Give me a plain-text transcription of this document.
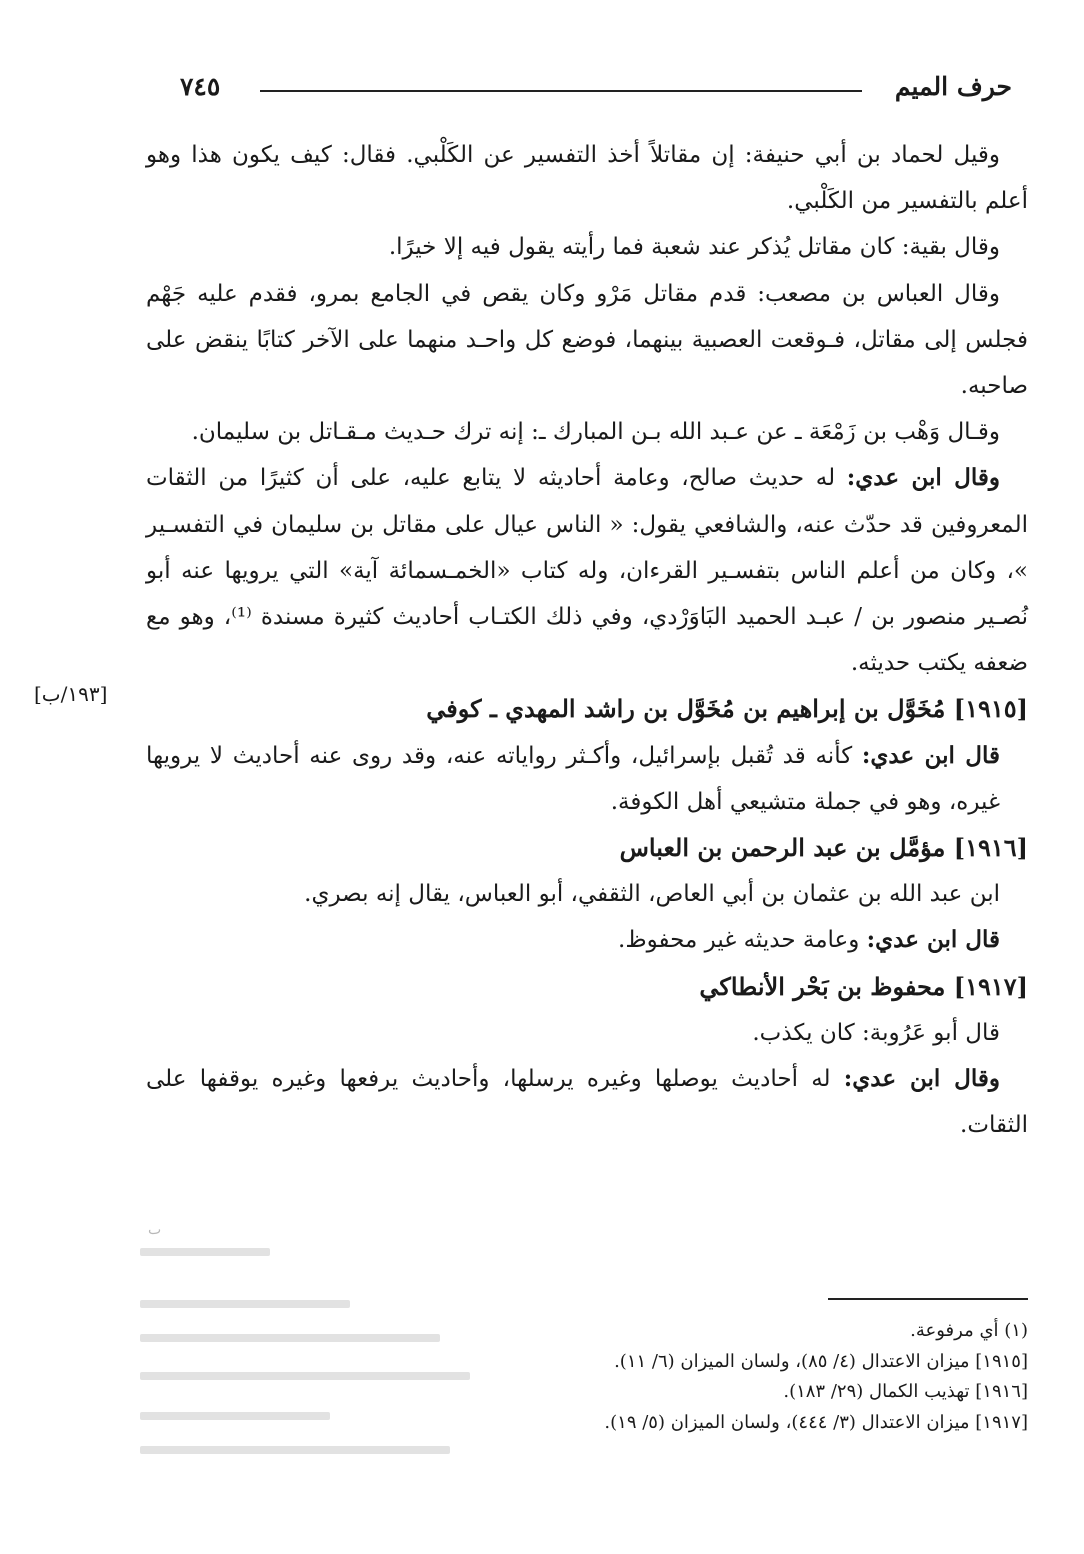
حرف الميم
٧٤٥
[١٩٣/ب]

وقيل لحماد بن أبي حنيفة: إن مقاتلاً أخذ التفسير عن الكَلْبي. فقال: كيف يكون هذا وهو أعلم بالتفسير من الكَلْبي.

وقال بقية: كان مقاتل يُذكر عند شعبة فما رأيته يقول فيه إلا خيرًا.

وقال العباس بن مصعب: قدم مقاتل مَرْو وكان يقص في الجامع بمرو، فقدم عليه جَهْم فجلس إلى مقاتل، فـوقعت العصبية بينهما، فوضع كل واحـد منهما على الآخر كتابًا ينقض على صاحبه.

وقـال وَهْب بن زَمْعَة ـ عن عـبد الله بـن المبارك ـ: إنه ترك حـديث مـقـاتل بن سليمان.

وقال ابن عدي: له حديث صالح، وعامة أحاديثه لا يتابع عليه، على أن كثيرًا من الثقات المعروفين قد حدّث عنه، والشافعي يقول: « الناس عيال على مقاتل بن سليمان في التفسـير »، وكان من أعلم الناس بتفسـير القرءان، وله كتاب «الخمـسمائة آية» التي يرويها عنه أبو نُصـير منصور بن / عبـد الحميد البَاوَرْدي، وفي ذلك الكتـاب أحاديث كثيرة مسندة ⁽¹⁾، وهو مع ضعفه يكتب حديثه.

[١٩١٥] مُخَوَّل بن إبراهيم بن مُخَوَّل بن راشد المهدي ـ كوفي

قال ابن عدي: كأنه قد تُقبل بإسرائيل، وأكـثر رواياته عنه، وقد روى عنه أحاديث لا يرويها غيره، وهو في جملة متشيعي أهل الكوفة.

[١٩١٦] مؤمَّل بن عبد الرحمن بن العباس

ابن عبد الله بن عثمان بن أبي العاص، الثقفي، أبو العباس، يقال إنه بصري.

قال ابن عدي: وعامة حديثه غير محفوظ.

[١٩١٧] محفوظ بن بَحْر الأنطاكي

قال أبو عَرُوبة: كان يكذب.

وقال ابن عدي: له أحاديث يوصلها وغيره يرسلها، وأحاديث يرفعها وغيره يوقفها على الثقات.

ٮ

(١) أي مرفوعة.

[١٩١٥] ميزان الاعتدال (٤/ ٨٥)، ولسان الميزان (٦/ ١١).

[١٩١٦] تهذيب الكمال (٢٩/ ١٨٣).

[١٩١٧] ميزان الاعتدال (٣/ ٤٤٤)، ولسان الميزان (٥/ ١٩).
